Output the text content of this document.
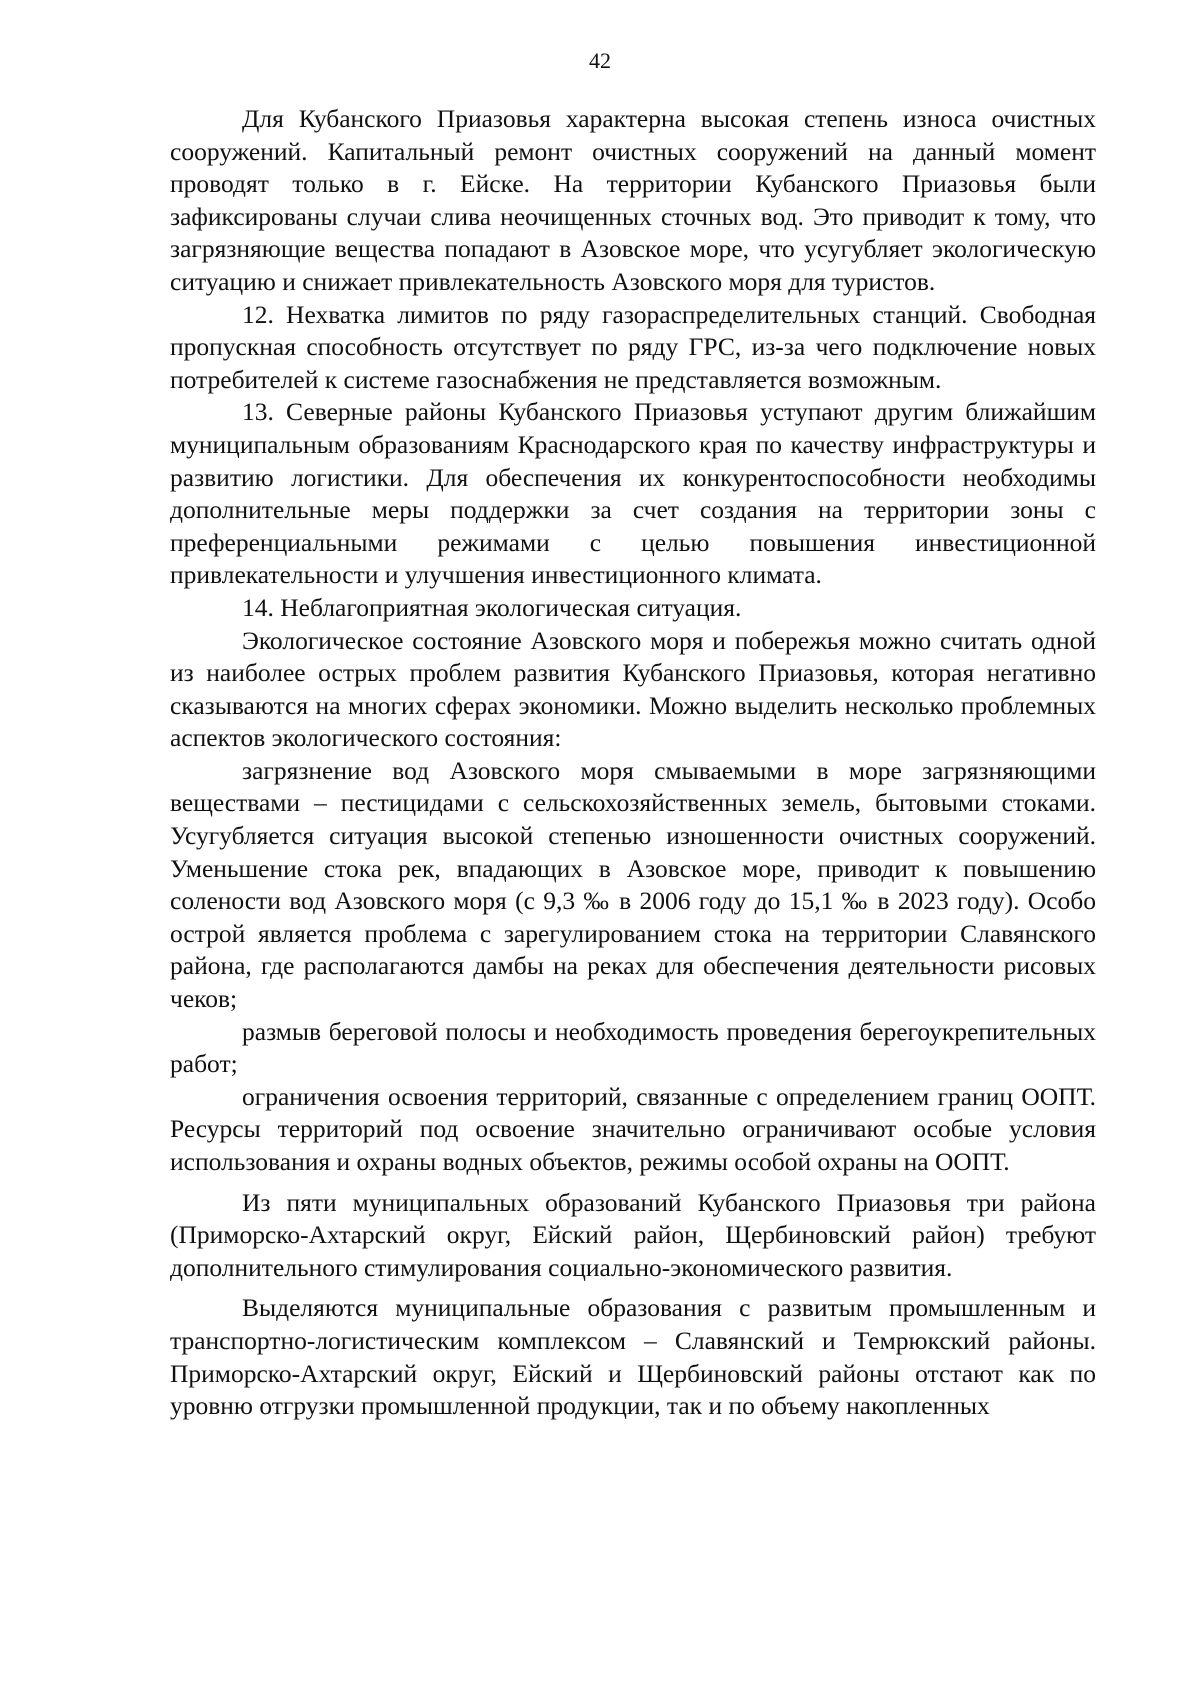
42

Для Кубанского Приазовья характерна высокая степень износа очистных сооружений. Капитальный ремонт очистных сооружений на данный момент проводят только в г. Ейске. На территории Кубанского Приазовья были зафиксированы случаи слива неочищенных сточных вод. Это приводит к тому, что загрязняющие вещества попадают в Азовское море, что усугубляет экологическую ситуацию и снижает привлекательность Азовского моря для туристов.

12. Нехватка лимитов по ряду газораспределительных станций. Свободная пропускная способность отсутствует по ряду ГРС, из-за чего подключение новых потребителей к системе газоснабжения не представляется возможным.

13. Северные районы Кубанского Приазовья уступают другим ближайшим муниципальным образованиям Краснодарского края по качеству инфраструктуры и развитию логистики. Для обеспечения их конкурентоспособности необходимы дополнительные меры поддержки за счет создания на территории зоны с преференциальными режимами с целью повышения инвестиционной привлекательности и улучшения инвестиционного климата.

14. Неблагоприятная экологическая ситуация.

Экологическое состояние Азовского моря и побережья можно считать одной из наиболее острых проблем развития Кубанского Приазовья, которая негативно сказываются на многих сферах экономики. Можно выделить несколько проблемных аспектов экологического состояния:

загрязнение вод Азовского моря смываемыми в море загрязняющими веществами – пестицидами с сельскохозяйственных земель, бытовыми стоками. Усугубляется ситуация высокой степенью изношенности очистных сооружений. Уменьшение стока рек, впадающих в Азовское море, приводит к повышению солености вод Азовского моря (с 9,3 ‰ в 2006 году до 15,1 ‰ в 2023 году). Особо острой является проблема с зарегулированием стока на территории Славянского района, где располагаются дамбы на реках для обеспечения деятельности рисовых чеков;

размыв береговой полосы и необходимость проведения берегоукрепительных работ;

ограничения освоения территорий, связанные с определением границ ООПТ. Ресурсы территорий под освоение значительно ограничивают особые условия использования и охраны водных объектов, режимы особой охраны на ООПТ.

Из пяти муниципальных образований Кубанского Приазовья три района (Приморско-Ахтарский округ, Ейский район, Щербиновский район) требуют дополнительного стимулирования социально-экономического развития.

Выделяются муниципальные образования с развитым промышленным и транспортно-логистическим комплексом – Славянский и Темрюкский районы. Приморско-Ахтарский округ, Ейский и Щербиновский районы отстают как по уровню отгрузки промышленной продукции, так и по объему накопленных
